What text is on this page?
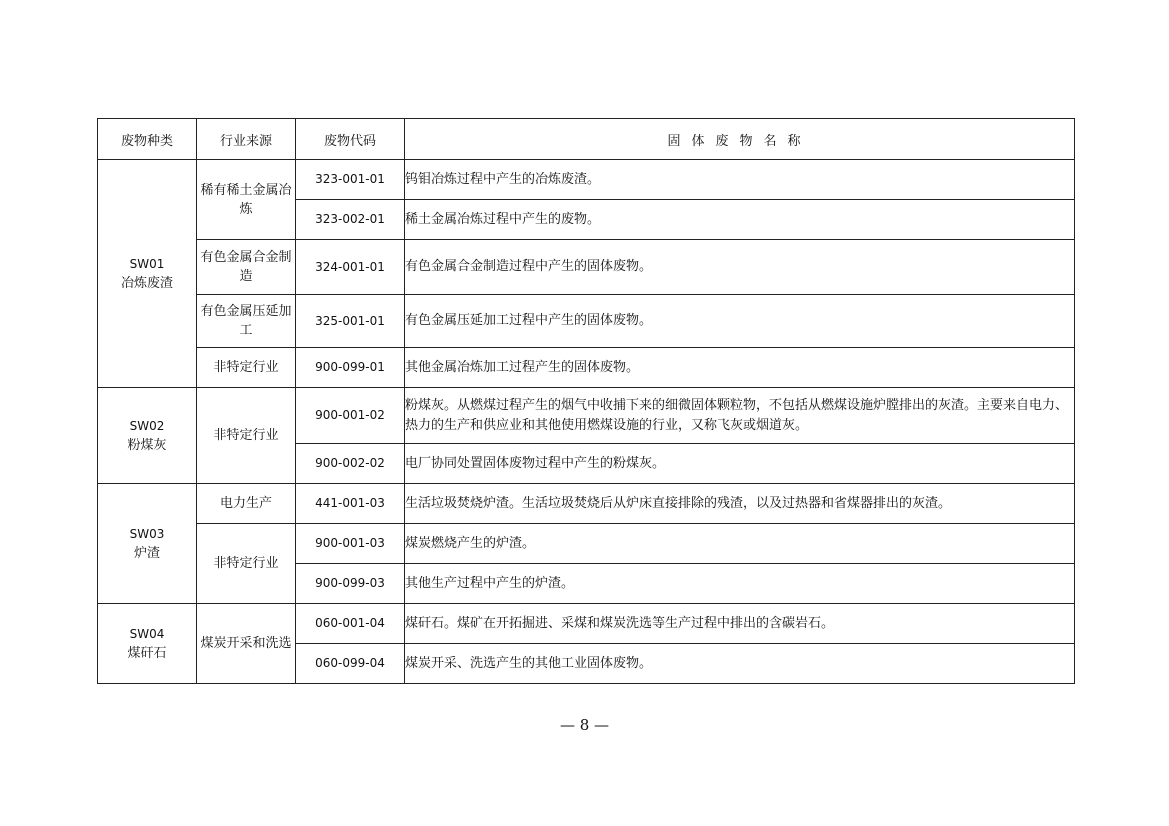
废物种类	行业来源	废物代码	固体废物名称

SW01
冶炼废渣	稀有稀土金属冶炼	323-001-01	钨钼冶炼过程中产生的冶炼废渣。
		323-002-01	稀土金属冶炼过程中产生的废物。
	有色金属合金制造	324-001-01	有色金属合金制造过程中产生的固体废物。
	有色金属压延加工	325-001-01	有色金属压延加工过程中产生的固体废物。
	非特定行业	900-099-01	其他金属冶炼加工过程产生的固体废物。

SW02
粉煤灰	非特定行业	900-001-02	粉煤灰。从燃煤过程产生的烟气中收捕下来的细微固体颗粒物，不包括从燃煤设施炉膛排出的灰渣。主要来自电力、热力的生产和供应业和其他使用燃煤设施的行业，又称飞灰或烟道灰。
		900-002-02	电厂协同处置固体废物过程中产生的粉煤灰。

SW03
炉渣	电力生产	441-001-03	生活垃圾焚烧炉渣。生活垃圾焚烧后从炉床直接排除的残渣，以及过热器和省煤器排出的灰渣。
	非特定行业	900-001-03	煤炭燃烧产生的炉渣。
		900-099-03	其他生产过程中产生的炉渣。

SW04
煤矸石	煤炭开采和洗选	060-001-04	煤矸石。煤矿在开拓掘进、采煤和煤炭洗选等生产过程中排出的含碳岩石。
		060-099-04	煤炭开采、洗选产生的其他工业固体废物。
— 8 —
